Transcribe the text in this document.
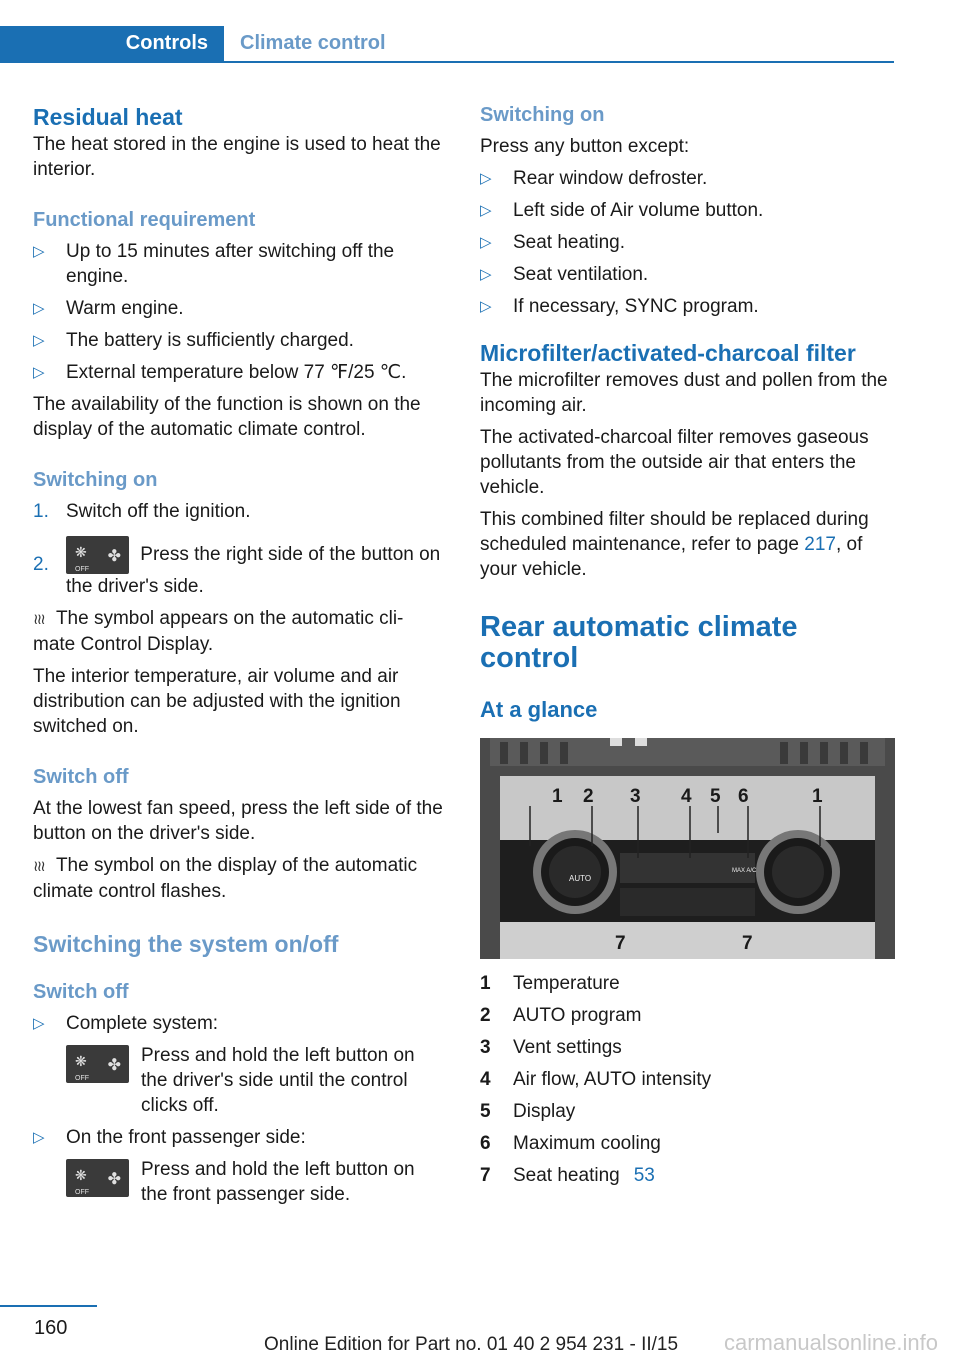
Controls	Climate control
Residual heat

The heat stored in the engine is used to heat the interior.

Functional requirement
▷ Up to 15 minutes after switching off the engine.
▷ Warm engine.
▷ The battery is sufficiently charged.
▷ External temperature below 77 ℉/25 ℃.

The availability of the function is shown on the display of the automatic climate control.

Switching on
1. Switch off the ignition.
2.
❋
OFF
✤ Press the right side of the button on the driver's side.

≀≀≀ The symbol appears on the automatic cli‐mate Control Display.

The interior temperature, air volume and air distribution can be adjusted with the ignition switched on.

Switch off

At the lowest fan speed, press the left side of the button on the driver's side.

≀≀≀ The symbol on the display of the automatic climate control flashes.

Switching the system on/off
Switch off
▷ Complete system:
❋
OFF
✤ Press and hold the left button on the driver's side until the control clicks off.
▷ On the front passenger side:
❋
OFF
✤ Press and hold the left button on the front passenger side.
Switching on

Press any button except:

▷ Rear window defroster.
▷ Left side of Air volume button.
▷ Seat heating.
▷ Seat ventilation.
▷ If necessary, SYNC program.
Microfilter/activated-charcoal filter

The microfilter removes dust and pollen from the incoming air.

The activated-charcoal filter removes gaseous pollutants from the outside air that enters the vehicle.

This combined filter should be replaced during scheduled maintenance, refer to page 217, of your vehicle.

Rear automatic climate control
At a glance
AUTO
MAX A/C
1 2 3 4 5 6	1
7	7
1 Temperature
2 AUTO program
3 Vent settings
4 Air flow, AUTO intensity
5 Display
6 Maximum cooling
7 Seat heating 53
160
Online Edition for Part no. 01 40 2 954 231 - II/15 carmanualsonline.info
